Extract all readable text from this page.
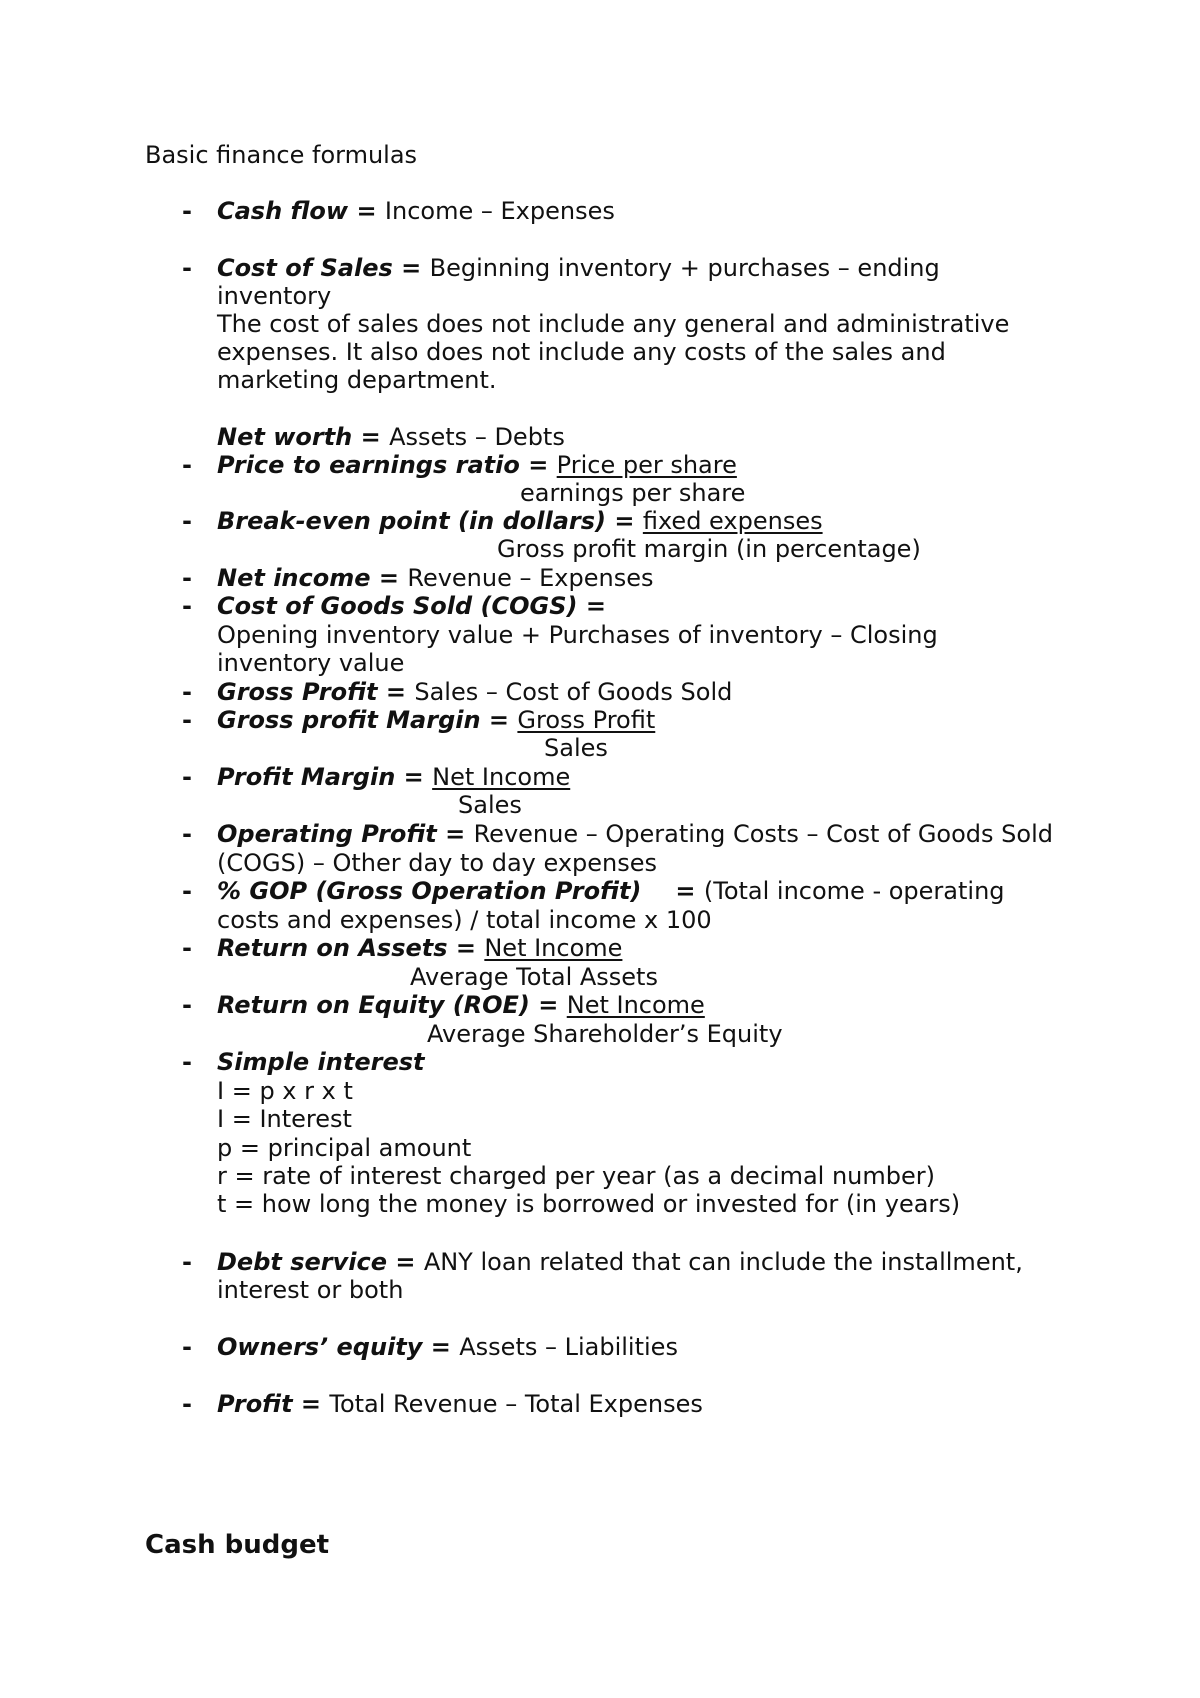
Basic finance formulas
- Cash flow = Income – Expenses
- Cost of Sales = Beginning inventory + purchases – ending
inventory
The cost of sales does not include any general and administrative
expenses. It also does not include any costs of the sales and
marketing department.
Net worth = Assets – Debts
- Price to earnings ratio = Price per share
earnings per share
- Break-even point (in dollars) = fixed expenses
Gross profit margin (in percentage)
- Net income = Revenue – Expenses
- Cost of Goods Sold (COGS) =
Opening inventory value + Purchases of inventory – Closing
inventory value
- Gross Profit = Sales – Cost of Goods Sold
- Gross profit Margin = Gross Profit
Sales
- Profit Margin = Net Income
Sales
- Operating Profit = Revenue – Operating Costs – Cost of Goods Sold
(COGS) – Other day to day expenses
- % GOP (Gross Operation Profit) = (Total income - operating
costs and expenses) / total income x 100
- Return on Assets = Net Income
Average Total Assets
- Return on Equity (ROE) = Net Income
Average Shareholder’s Equity
- Simple interest
I = p x r x t
I = Interest
p = principal amount
r = rate of interest charged per year (as a decimal number)
t = how long the money is borrowed or invested for (in years)
- Debt service = ANY loan related that can include the installment,
interest or both
- Owners’ equity = Assets – Liabilities
- Profit = Total Revenue – Total Expenses
Cash budget
